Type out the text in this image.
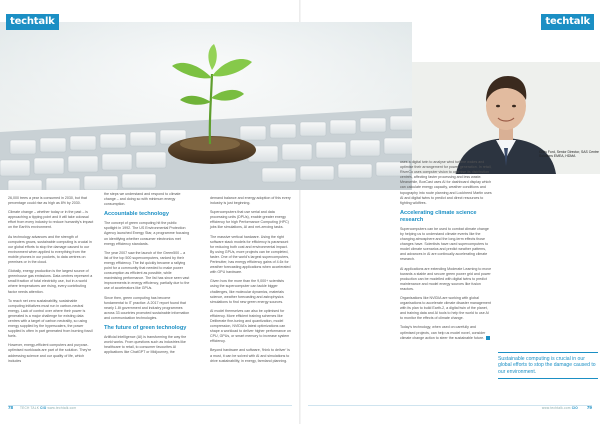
Chris Ford, Senior Director, SAS Centre Solutions EMEA, HDMA
techtalk	techtalk

26,000 trees a year is consumed in 2030, but that percentage could rise as high as 8% by 2030.

Climate change – whether today or in the past – is approaching a tipping point and it will take colossal effort from every industry to reduce humanity's impact on the Earth's environment.

As technology advances and the strength of computers grows, sustainable computing is crucial in our global efforts to stop the damage caused to our environment when applied to everything from the mobile phones in our pockets, to data centres on premises or in the cloud.

Globally, energy production is the largest source of greenhouse gas emissions. Data centres represent a small fraction of total electricity use, but in a world where temperatures are rising, every contributing factor needs attention.

To reach net zero sustainability, sustainable computing initiatives must run in carbon-neutral energy. Lack of control over where their power is generated is a major challenge for existing data centres with a target of carbon neutrality, so using energy supplied by the hyperscalers, the power supplied is often in part generated from burning fossil fuels.

However, energy-efficient computers and purpose-optimised workloads are part of the solution. They're addressing science and our quality of life, which includes

the steps we understand and respond to climate change – and doing so with minimum energy consumption.

Accountable technology

The concept of green computing hit the public spotlight in 1992. The US Environmental Protection Agency launched Energy Star, a programme focusing on identifying whether consumer electronics met energy efficiency standards.

The year 2007 saw the launch of the Green500 – a list of the top 500 supercomputers, ranked by their energy efficiency. The list quickly became a rallying point for a community that needed to make power consumption as efficient as possible, while maximising performance. The list has since seen vast improvements in energy efficiency, partially due to the use of accelerators like GPUs.

Since then, green computing has become fundamental to IT practice. A 2017 report found that nearly 1.8t government and industry programmes across 33 countries promoted sustainable information and communication technologies.

The future of green technology

Artificial intelligence (AI) is transforming the way the world works. From questions such as industries like healthcare to retail, to consumer favourites AI applications like ChatGPT or Midjourney, the

demand balance and energy adoption of this every industry is just beginning.

Supercomputers that use serial and data processing units (DPUs), enable greater energy efficiency for high Performance Computing (HPC) jobs like simulations, AI and net-zeroing tasks.

The massive vertical hardware. Using the right software stack models for efficiency is paramount for reducing both cost and environmental impact. By using GPUs, more projects can be completed, faster. One of the world's largest supercomputers, Perlmutter, has energy efficiency gains of 4.6x for weather forecasting applications when accelerated with GPU hardware.

Given how the more than the 9,000+ scientists using the supercomputer can tackle bigger challenges, like molecular dynamics, materials science, weather forecasting and astrophysics simulations to find new green energy sources.

AI model themselves can also be optimised for efficiency. More efficient training schemes like Deliberate fine-tuning and quantization, model compression, NVIDIA's latest optimizations can shape a workload to deliver higher performance on CPU, GPUs, or smart memory to increase system efficiency.

Beyond hardware and software, 'think to deliver' is a must, it can be solved with AI and simulations to drive sustainability, in energy, farmland planning.

uses a digital twin to analyse wind turbine wakes and optimise their arrangement for power generation. In retail, RiverCo uses computer vision to optimise its distribution centres, affecting faster processing and less waste. Meanwhile, BoxCast uses AI for dashboard display which can calculate energy capacity, weather conditions and topography into route planning and Lockheed Martin uses AI and digital twins to predict and direct resources to fighting wildfires.

Accelerating climate science research

Supercomputers can be used to combat climate change by helping us to understand climate events like the changing atmosphere and the long-term effects those changes have. Scientists have used supercomputers to model climate scenarios and predict weather patterns, and advances in AI are continually accelerating climate research.

AI applications are extending Moderate Learning to move towards a stable and secure green power grid and power production can be modelled with digital twins to predict maintenance and model energy sources like fusion reactors.

Organisations like NVIDIA are working with global organisations to accelerate climate disaster management with its plan to build Earth-2, a digital twin of the planet, and training data and AI tools to help the world to use AI to monitor the effects of climate change.

Today's technology, when used on carefully and optimised projects, can help us model novel, consider climate change action to steer the sustainable future.

Sustainable computing is crucial in our global efforts to stop the damage caused to our environment.
78	79
TECH TALK CIO www.techtalk.com	www.techtalk.com CIO
